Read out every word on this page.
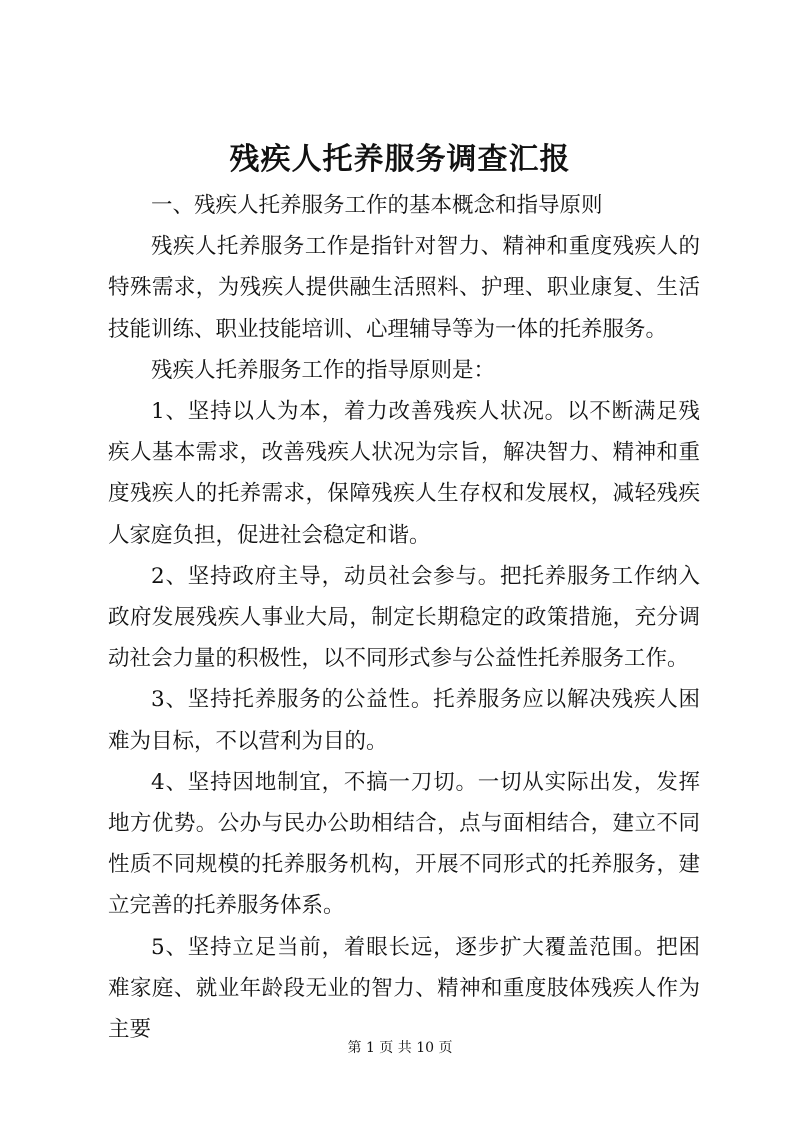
残疾人托养服务调查汇报

一、残疾人托养服务工作的基本概念和指导原则

残疾人托养服务工作是指针对智力、精神和重度残疾人的特殊需求，为残疾人提供融生活照料、护理、职业康复、生活技能训练、职业技能培训、心理辅导等为一体的托养服务。

残疾人托养服务工作的指导原则是：

1、坚持以人为本，着力改善残疾人状况。以不断满足残疾人基本需求，改善残疾人状况为宗旨，解决智力、精神和重度残疾人的托养需求，保障残疾人生存权和发展权，减轻残疾人家庭负担，促进社会稳定和谐。

2、坚持政府主导，动员社会参与。把托养服务工作纳入政府发展残疾人事业大局，制定长期稳定的政策措施，充分调动社会力量的积极性，以不同形式参与公益性托养服务工作。

3、坚持托养服务的公益性。托养服务应以解决残疾人困难为目标，不以营利为目的。

4、坚持因地制宜，不搞一刀切。一切从实际出发，发挥地方优势。公办与民办公助相结合，点与面相结合，建立不同性质不同规模的托养服务机构，开展不同形式的托养服务，建立完善的托养服务体系。

5、坚持立足当前，着眼长远，逐步扩大覆盖范围。把困难家庭、就业年龄段无业的智力、精神和重度肢体残疾人作为主要

第 1 页 共 10 页
